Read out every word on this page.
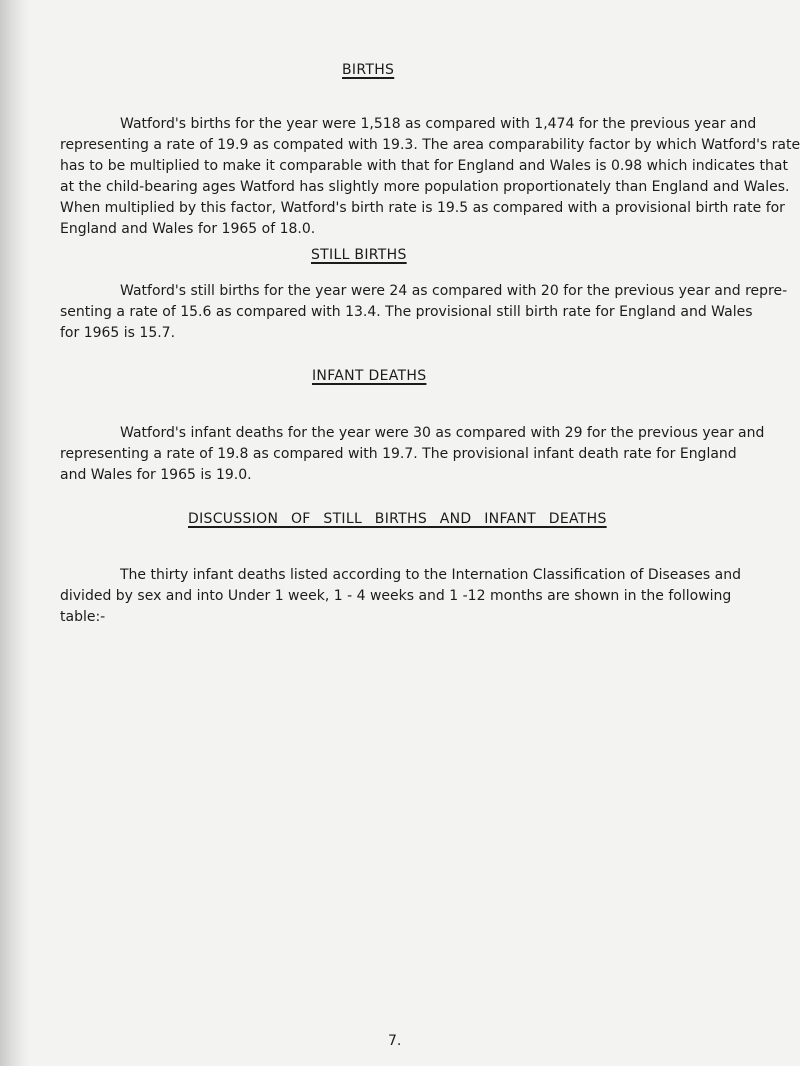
BIRTHS

Watford's births for the year were 1,518 as compared with 1,474 for the previous year and
representing a rate of 19.9 as compated with 19.3. The area comparability factor by which Watford's rate
has to be multiplied to make it comparable with that for England and Wales is 0.98 which indicates that
at the child-bearing ages Watford has slightly more population proportionately than England and Wales.
When multiplied by this factor, Watford's birth rate is 19.5 as compared with a provisional birth rate for
England and Wales for 1965 of 18.0.

STILL BIRTHS

Watford's still births for the year were 24 as compared with 20 for the previous year and repre-
senting a rate of 15.6 as compared with 13.4. The provisional still birth rate for England and Wales
for 1965 is 15.7.

INFANT DEATHS

Watford's infant deaths for the year were 30 as compared with 29 for the previous year and
representing a rate of 19.8 as compared with 19.7. The provisional infant death rate for England
and Wales for 1965 is 19.0.

DISCUSSION OF STILL BIRTHS AND INFANT DEATHS

The thirty infant deaths listed according to the Internation Classification of Diseases and
divided by sex and into Under 1 week, 1 - 4 weeks and 1 -12 months are shown in the following
table:-

7.
